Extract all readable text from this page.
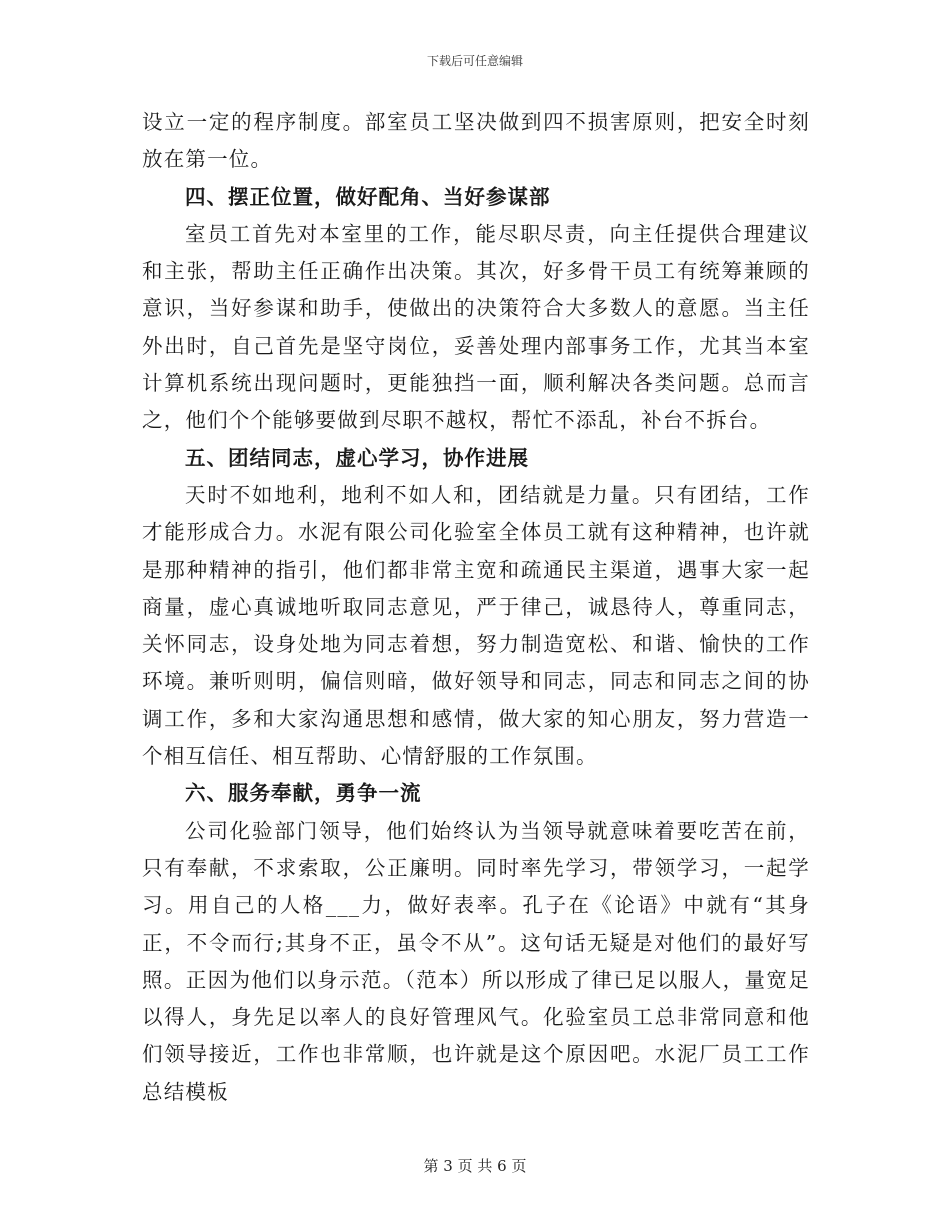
下载后可任意编辑

设立一定的程序制度。部室员工坚决做到四不损害原则，把安全时刻放在第一位。

四、摆正位置，做好配角、当好参谋部

室员工首先对本室里的工作，能尽职尽责，向主任提供合理建议和主张，帮助主任正确作出决策。其次，好多骨干员工有统筹兼顾的意识，当好参谋和助手，使做出的决策符合大多数人的意愿。当主任外出时，自己首先是坚守岗位，妥善处理内部事务工作，尤其当本室计算机系统出现问题时，更能独挡一面，顺利解决各类问题。总而言之，他们个个能够要做到尽职不越权，帮忙不添乱，补台不拆台。

五、团结同志，虚心学习，协作进展

天时不如地利，地利不如人和，团结就是力量。只有团结，工作才能形成合力。水泥有限公司化验室全体员工就有这种精神，也许就是那种精神的指引，他们都非常主宽和疏通民主渠道，遇事大家一起商量，虚心真诚地听取同志意见，严于律己，诚恳待人，尊重同志，关怀同志，设身处地为同志着想，努力制造宽松、和谐、愉快的工作环境。兼听则明，偏信则暗，做好领导和同志，同志和同志之间的协调工作，多和大家沟通思想和感情，做大家的知心朋友，努力营造一个相互信任、相互帮助、心情舒服的工作氛围。

六、服务奉献，勇争一流

公司化验部门领导，他们始终认为当领导就意味着要吃苦在前，只有奉献，不求索取，公正廉明。同时率先学习，带领学习，一起学习。用自己的人格___力，做好表率。孔子在《论语》中就有“其身正，不令而行;其身不正，虽令不从”。这句话无疑是对他们的最好写照。正因为他们以身示范。（范本）所以形成了律已足以服人，量宽足以得人，身先足以率人的良好管理风气。化验室员工总非常同意和他们领导接近，工作也非常顺，也许就是这个原因吧。水泥厂员工工作总结模板

第 3 页 共 6 页
